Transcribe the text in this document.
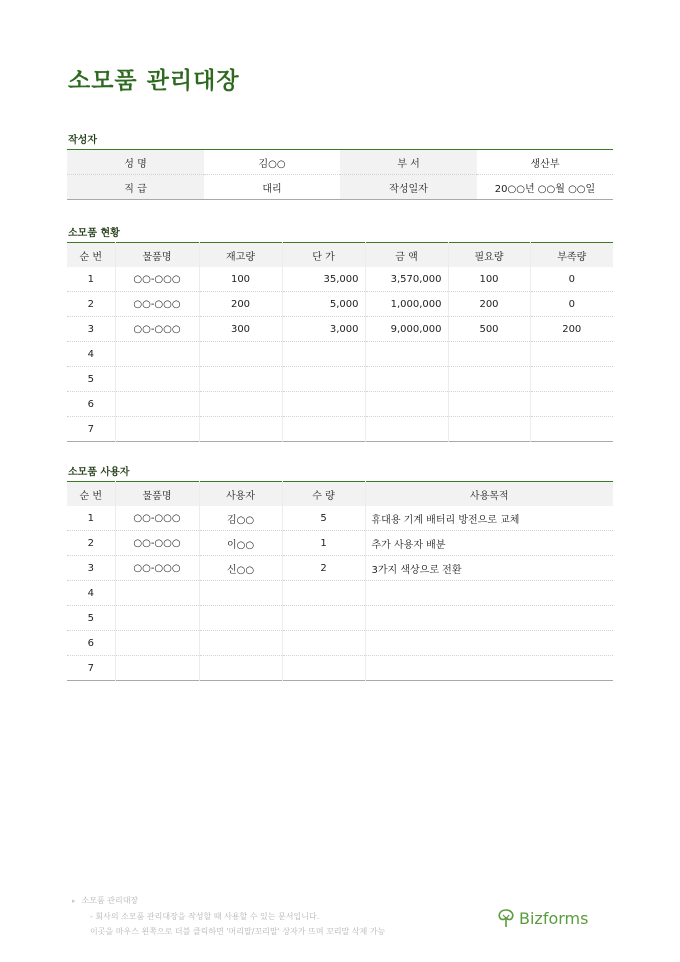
소모품 관리대장
작성자
성 명	김○○	부 서	생산부
직 급	대리	작성일자	20○○년 ○○월 ○○일
소모품 현황
순 번	물품명	재고량	단 가	금 액	필요량	부족량
1	○○-○○○	100	35,000	3,570,000	100	0
2	○○-○○○	200	5,000	1,000,000	200	0
3	○○-○○○	300	3,000	9,000,000	500	200
4						
5						
6						
7						
소모품 사용자
순 번	물품명	사용자	수 량	사용목적
1	○○-○○○	김○○	5	휴대용 기계 배터리 방전으로 교체
2	○○-○○○	이○○	1	추가 사용자 배분
3	○○-○○○	신○○	2	3가지 색상으로 전환
4				
5				
6				
7				
▸ 소모품 관리대장
- 회사의 소모품 관리대장을 작성할 때 사용할 수 있는 문서입니다.
이곳을 마우스 왼쪽으로 더블 클릭하면 '머리말/꼬리말' 상자가 뜨며 꼬리말 삭제 가능
Bizforms
